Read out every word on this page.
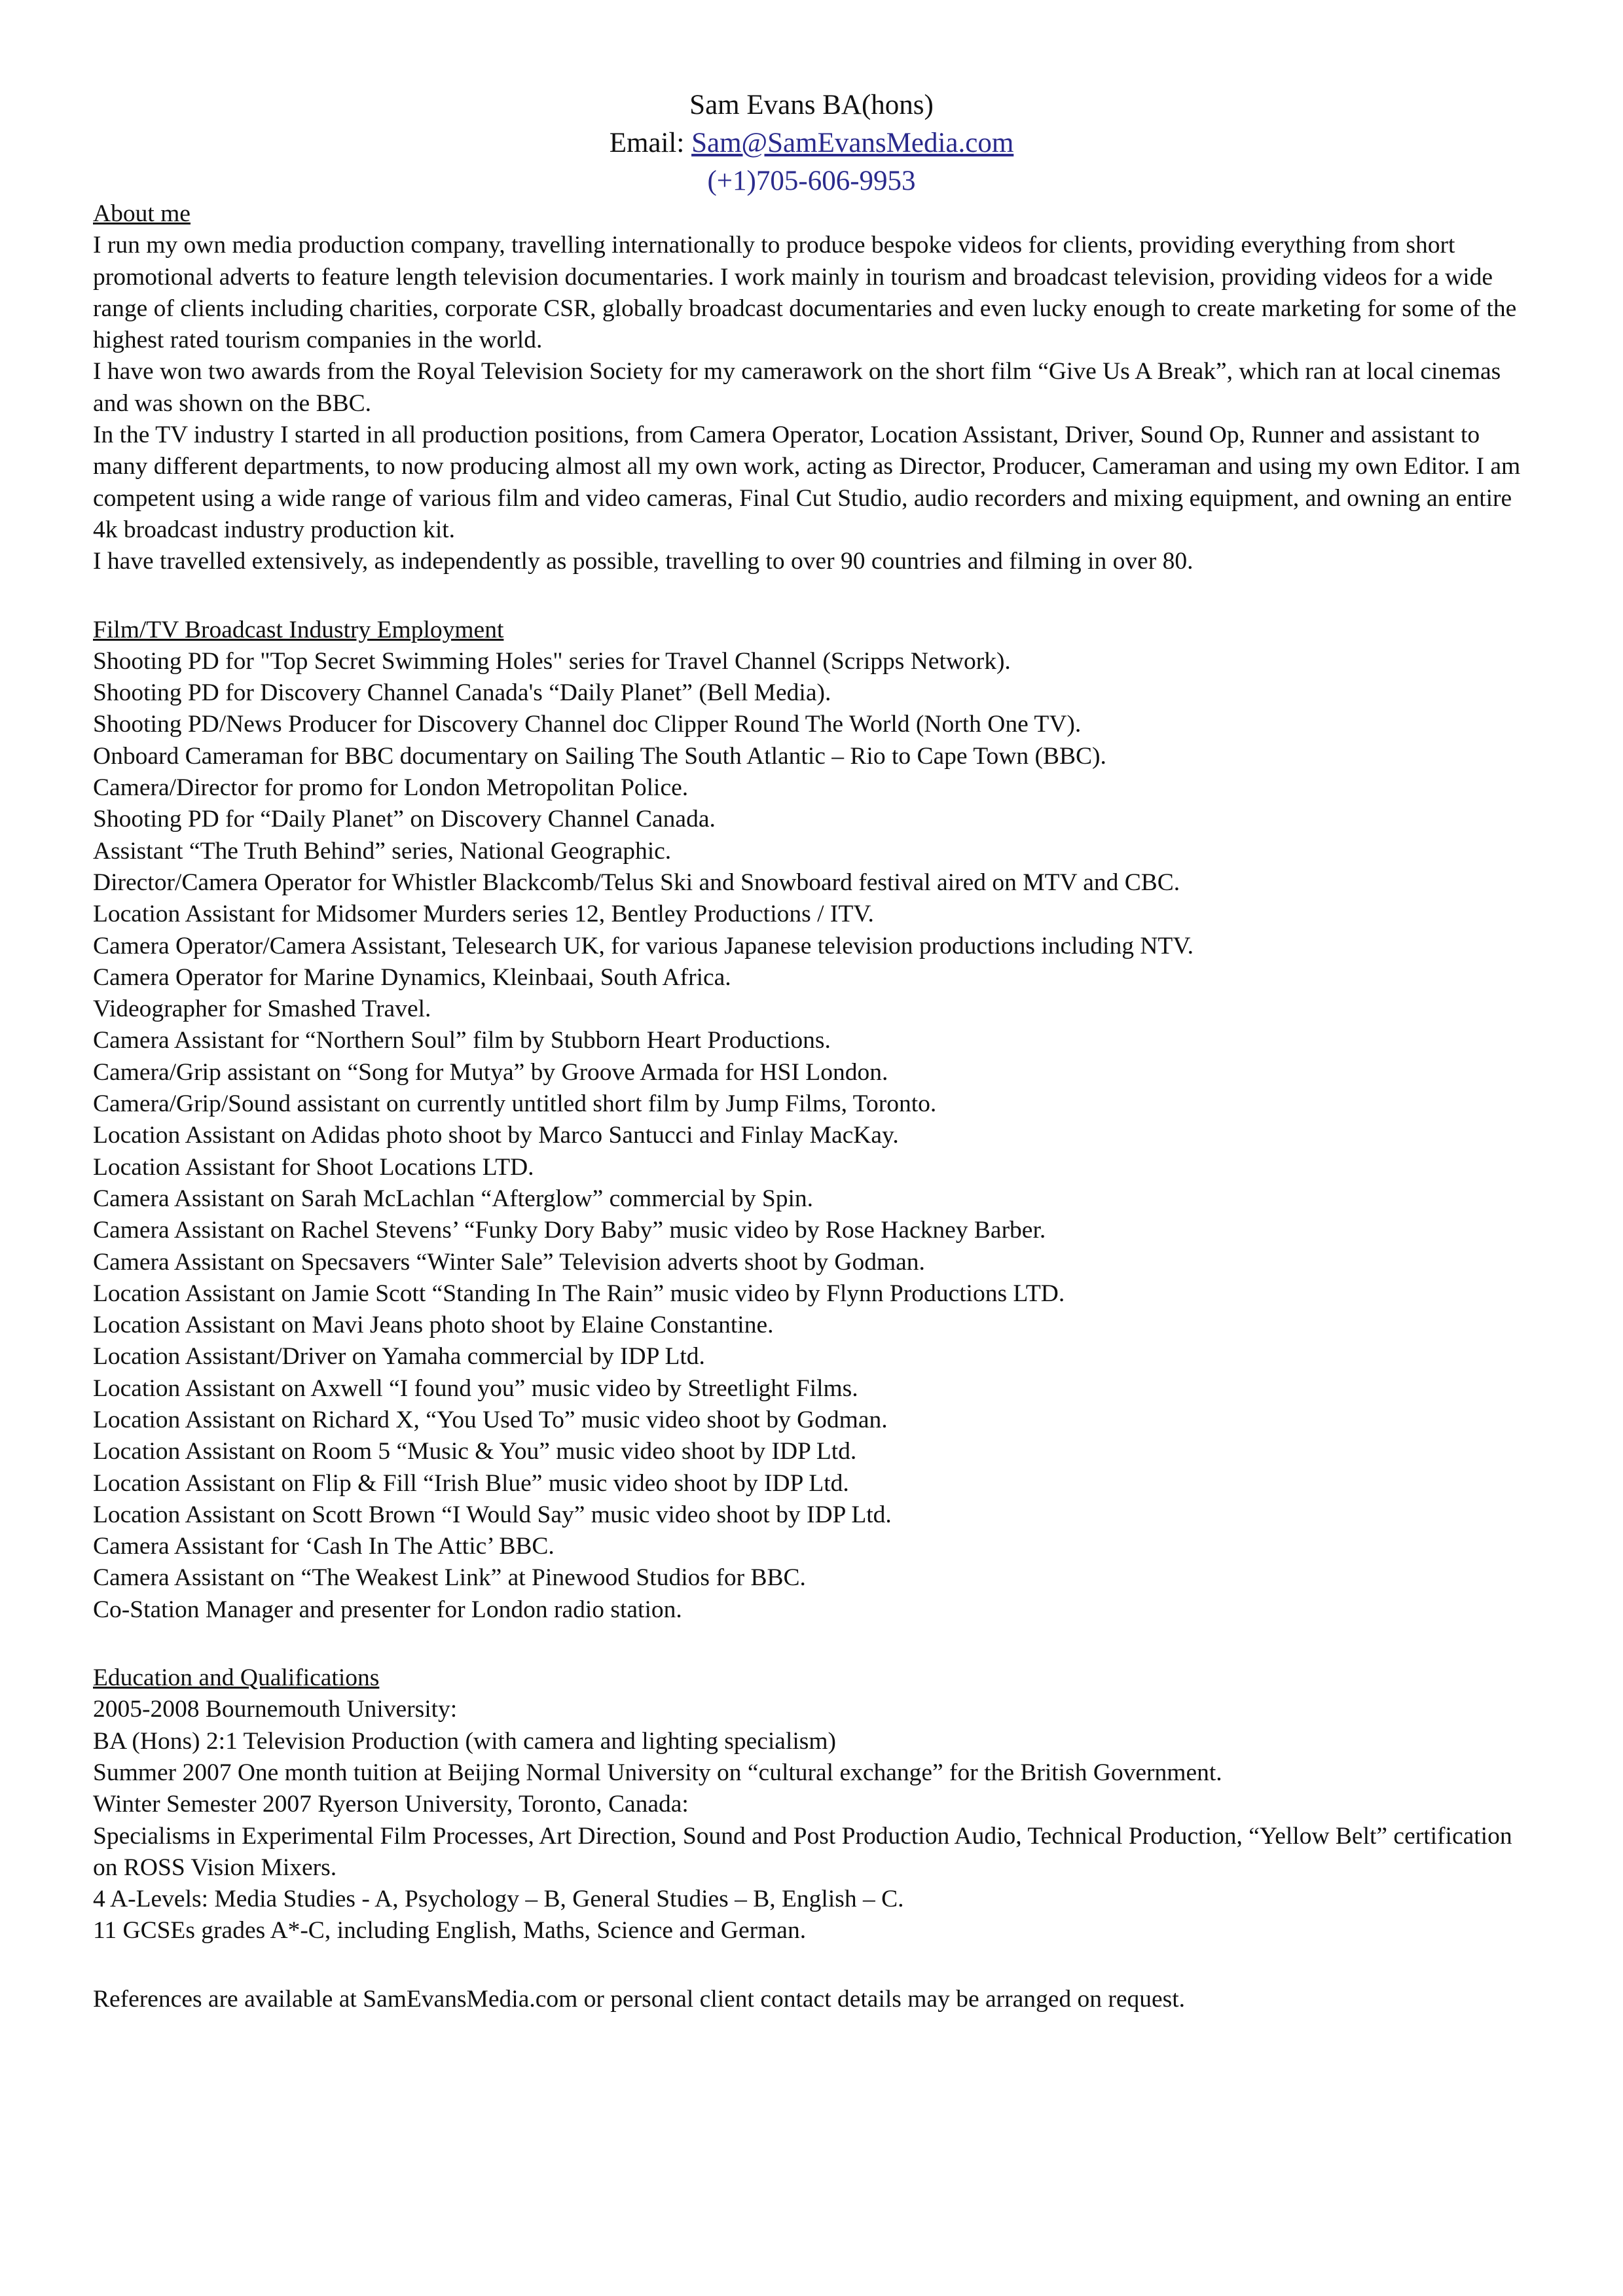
Sam Evans BA(hons)
Email: Sam@SamEvansMedia.com
(+1)705-606-9953
About me

I run my own media production company, travelling internationally to produce bespoke videos for clients, providing everything from short promotional adverts to feature length television documentaries. I work mainly in tourism and broadcast television, providing videos for a wide range of clients including charities, corporate CSR, globally broadcast documentaries and even lucky enough to create marketing for some of the highest rated tourism companies in the world.

I have won two awards from the Royal Television Society for my camerawork on the short film “Give Us A Break”, which ran at local cinemas and was shown on the BBC.

In the TV industry I started in all production positions, from Camera Operator, Location Assistant, Driver, Sound Op, Runner and assistant to many different departments, to now producing almost all my own work, acting as Director, Producer, Cameraman and using my own Editor. I am competent using a wide range of various film and video cameras, Final Cut Studio, audio recorders and mixing equipment, and owning an entire 4k broadcast industry production kit.

I have travelled extensively, as independently as possible, travelling to over 90 countries and filming in over 80.

Film/TV Broadcast Industry Employment
Shooting PD for "Top Secret Swimming Holes" series for Travel Channel (Scripps Network).
Shooting PD for Discovery Channel Canada's “Daily Planet” (Bell Media).
Shooting PD/News Producer for Discovery Channel doc Clipper Round The World (North One TV).
Onboard Cameraman for BBC documentary on Sailing The South Atlantic – Rio to Cape Town (BBC).
Camera/Director for promo for London Metropolitan Police.
Shooting PD for “Daily Planet” on Discovery Channel Canada.
Assistant “The Truth Behind” series, National Geographic.
Director/Camera Operator for Whistler Blackcomb/Telus Ski and Snowboard festival aired on MTV and CBC.
Location Assistant for Midsomer Murders series 12, Bentley Productions / ITV.
Camera Operator/Camera Assistant, Telesearch UK, for various Japanese television productions including NTV.
Camera Operator for Marine Dynamics, Kleinbaai, South Africa.
Videographer for Smashed Travel.
Camera Assistant for “Northern Soul” film by Stubborn Heart Productions.
Camera/Grip assistant on “Song for Mutya” by Groove Armada for HSI London.
Camera/Grip/Sound assistant on currently untitled short film by Jump Films, Toronto.
Location Assistant on Adidas photo shoot by Marco Santucci and Finlay MacKay.
Location Assistant for Shoot Locations LTD.
Camera Assistant on Sarah McLachlan “Afterglow” commercial by Spin.
Camera Assistant on Rachel Stevens’ “Funky Dory Baby” music video by Rose Hackney Barber.
Camera Assistant on Specsavers “Winter Sale” Television adverts shoot by Godman.
Location Assistant on Jamie Scott “Standing In The Rain” music video by Flynn Productions LTD.
Location Assistant on Mavi Jeans photo shoot by Elaine Constantine.
Location Assistant/Driver on Yamaha commercial by IDP Ltd.
Location Assistant on Axwell “I found you” music video by Streetlight Films.
Location Assistant on Richard X, “You Used To” music video shoot by Godman.
Location Assistant on Room 5 “Music & You” music video shoot by IDP Ltd.
Location Assistant on Flip & Fill “Irish Blue” music video shoot by IDP Ltd.
Location Assistant on Scott Brown “I Would Say” music video shoot by IDP Ltd.
Camera Assistant for ‘Cash In The Attic’ BBC.
Camera Assistant on “The Weakest Link” at Pinewood Studios for BBC.
Co-Station Manager and presenter for London radio station.
Education and Qualifications
2005-2008 Bournemouth University:
BA (Hons) 2:1 Television Production (with camera and lighting specialism)
Summer 2007 One month tuition at Beijing Normal University on “cultural exchange” for the British Government.
Winter Semester 2007 Ryerson University, Toronto, Canada:
Specialisms in Experimental Film Processes, Art Direction, Sound and Post Production Audio, Technical Production, “Yellow Belt” certification on ROSS Vision Mixers.
4 A-Levels: Media Studies - A, Psychology – B, General Studies – B, English – C.
11 GCSEs grades A*-C, including English, Maths, Science and German.

References are available at SamEvansMedia.com or personal client contact details may be arranged on request.
